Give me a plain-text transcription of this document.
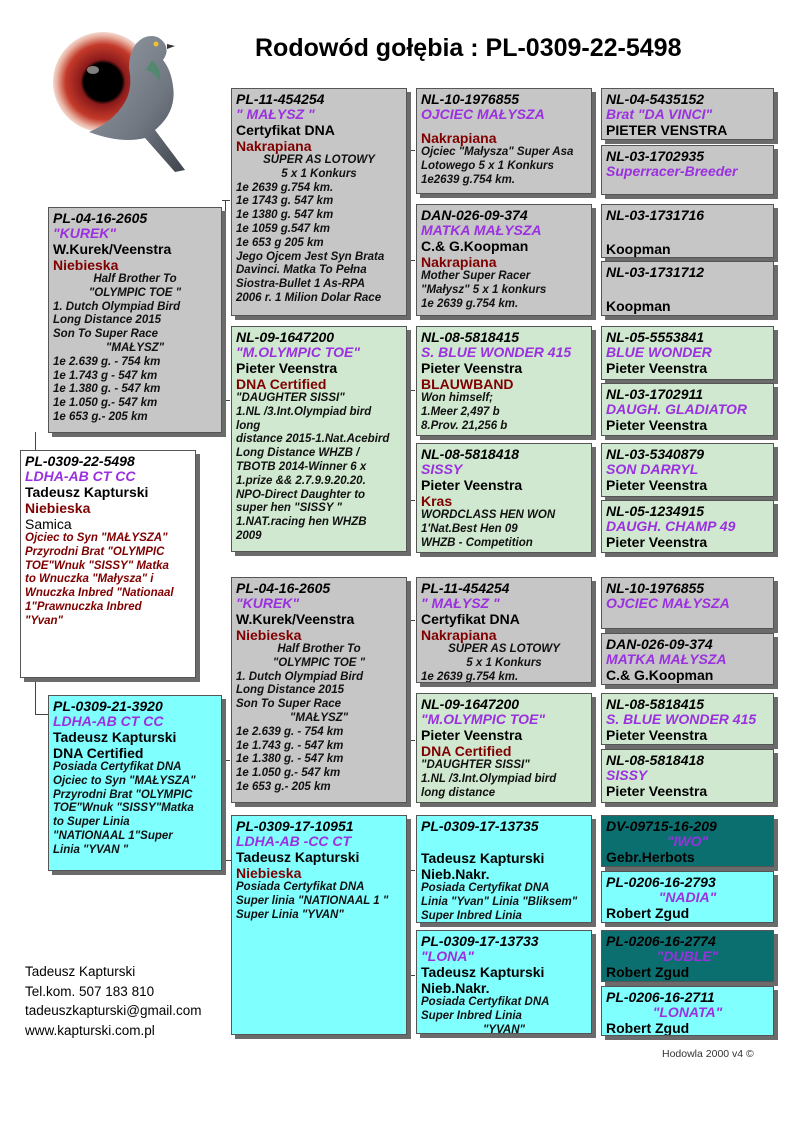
Rodowód gołębia : PL-0309-22-5498
PL-0309-22-5498
LDHA-AB CT CC
Tadeusz Kapturski
Niebieska
Samica
Ojciec to Syn "MAŁYSZA"
Przyrodni Brat "OLYMPIC
TOE"Wnuk "SISSY" Matka
to Wnuczka "Małysza" i
Wnuczka Inbred "Nationaal
1"Prawnuczka Inbred
"Yvan"
PL-04-16-2605
"KUREK"
W.Kurek/Veenstra
Niebieska
Half Brother To
"OLYMPIC TOE "
1. Dutch Olympiad Bird
Long Distance 2015
Son To Super Race
"MAŁYSZ"
1e 2.639 g. - 754 km
1e 1.743 g - 547 km
1e 1.380 g. - 547 km
1e 1.050 g.- 547 km
1e 653 g.- 205 km
PL-0309-21-3920
LDHA-AB CT CC
Tadeusz Kapturski
DNA Certified
Posiada Certyfikat DNA
Ojciec to Syn "MAŁYSZA"
Przyrodni Brat "OLYMPIC
TOE"Wnuk "SISSY"Matka
to Super Linia
"NATIONAAL 1"Super
Linia "YVAN "
PL-11-454254
" MAŁYSZ "
Certyfikat DNA
Nakrapiana
SUPER AS LOTOWY
5 x 1 Konkurs
1e 2639 g.754 km.
1e 1743 g. 547 km
1e 1380 g. 547 km
1e 1059 g.547 km
1e 653 g 205 km
Jego Ojcem Jest Syn Brata
Davinci. Matka To Pełna
Siostra-Bullet 1 As-RPA
2006 r. 1 Milion Dolar Race
NL-09-1647200
"M.OLYMPIC TOE"
Pieter Veenstra
DNA Certified
"DAUGHTER SISSI"
1.NL /3.Int.Olympiad bird
long
distance 2015-1.Nat.Acebird
Long Distance WHZB /
TBOTB 2014-Winner 6 x
1.prize && 2.7.9.9.20.20.
NPO-Direct Daughter to
super hen "SISSY "
1.NAT.racing hen WHZB
2009
PL-04-16-2605
"KUREK"
W.Kurek/Veenstra
Niebieska
Half Brother To
"OLYMPIC TOE "
1. Dutch Olympiad Bird
Long Distance 2015
Son To Super Race
"MAŁYSZ"
1e 2.639 g. - 754 km
1e 1.743 g. - 547 km
1e 1.380 g. - 547 km
1e 1.050 g.- 547 km
1e 653 g.- 205 km
PL-0309-17-10951
LDHA-AB -CC CT
Tadeusz Kapturski
Niebieska
Posiada Certyfikat DNA
Super linia "NATIONAAL 1 "
Super Linia "YVAN"
NL-10-1976855
OJCIEC MAŁYSZA
Nakrapiana
Ojciec "Małysza" Super Asa
Lotowego 5 x 1 Konkurs
1e2639 g.754 km.
DAN-026-09-374
MATKA MAŁYSZA
C.& G.Koopman
Nakrapiana
Mother Super Racer
"Małysz" 5 x 1 konkurs
1e 2639 g.754 km.
NL-08-5818415
S. BLUE WONDER 415
Pieter Veenstra
BLAUWBAND
Won himself;
1.Meer 2,497 b
8.Prov. 21,256 b
NL-08-5818418
SISSY
Pieter Veenstra
Kras
WORDCLASS HEN WON
1'Nat.Best Hen 09
WHZB - Competition
PL-11-454254
" MAŁYSZ "
Certyfikat DNA
Nakrapiana
SUPER AS LOTOWY
5 x 1 Konkurs
1e 2639 g.754 km.
NL-09-1647200
"M.OLYMPIC TOE"
Pieter Veenstra
DNA Certified
"DAUGHTER SISSI"
1.NL /3.Int.Olympiad bird
long distance
PL-0309-17-13735
Tadeusz Kapturski
Nieb.Nakr.
Posiada Certyfikat DNA
Linia "Yvan" Linia "Bliksem"
Super Inbred Linia
PL-0309-17-13733
"LONA"
Tadeusz Kapturski
Nieb.Nakr.
Posiada Certyfikat DNA
Super Inbred Linia
"YVAN"
NL-04-5435152
Brat "DA VINCI"
PIETER VENSTRA
NL-03-1702935
Superracer-Breeder
NL-03-1731716
Koopman
NL-03-1731712
Koopman
NL-05-5553841
BLUE WONDER
Pieter Veenstra
NL-03-1702911
DAUGH. GLADIATOR
Pieter Veenstra
NL-03-5340879
SON DARRYL
Pieter Veenstra
NL-05-1234915
DAUGH. CHAMP 49
Pieter Veenstra
NL-10-1976855
OJCIEC MAŁYSZA
DAN-026-09-374
MATKA MAŁYSZA
C.& G.Koopman
NL-08-5818415
S. BLUE WONDER 415
Pieter Veenstra
NL-08-5818418
SISSY
Pieter Veenstra
DV-09715-16-209
"IWO"
Gebr.Herbots
PL-0206-16-2793
"NADIA"
Robert Zgud
PL-0206-16-2774
"DUBLE"
Robert Zgud
PL-0206-16-2711
"LONATA"
Robert Zgud
Tadeusz Kapturski
Tel.kom. 507 183 810
tadeuszkapturski@gmail.com
www.kapturski.com.pl
Hodowla 2000 v4 ©
